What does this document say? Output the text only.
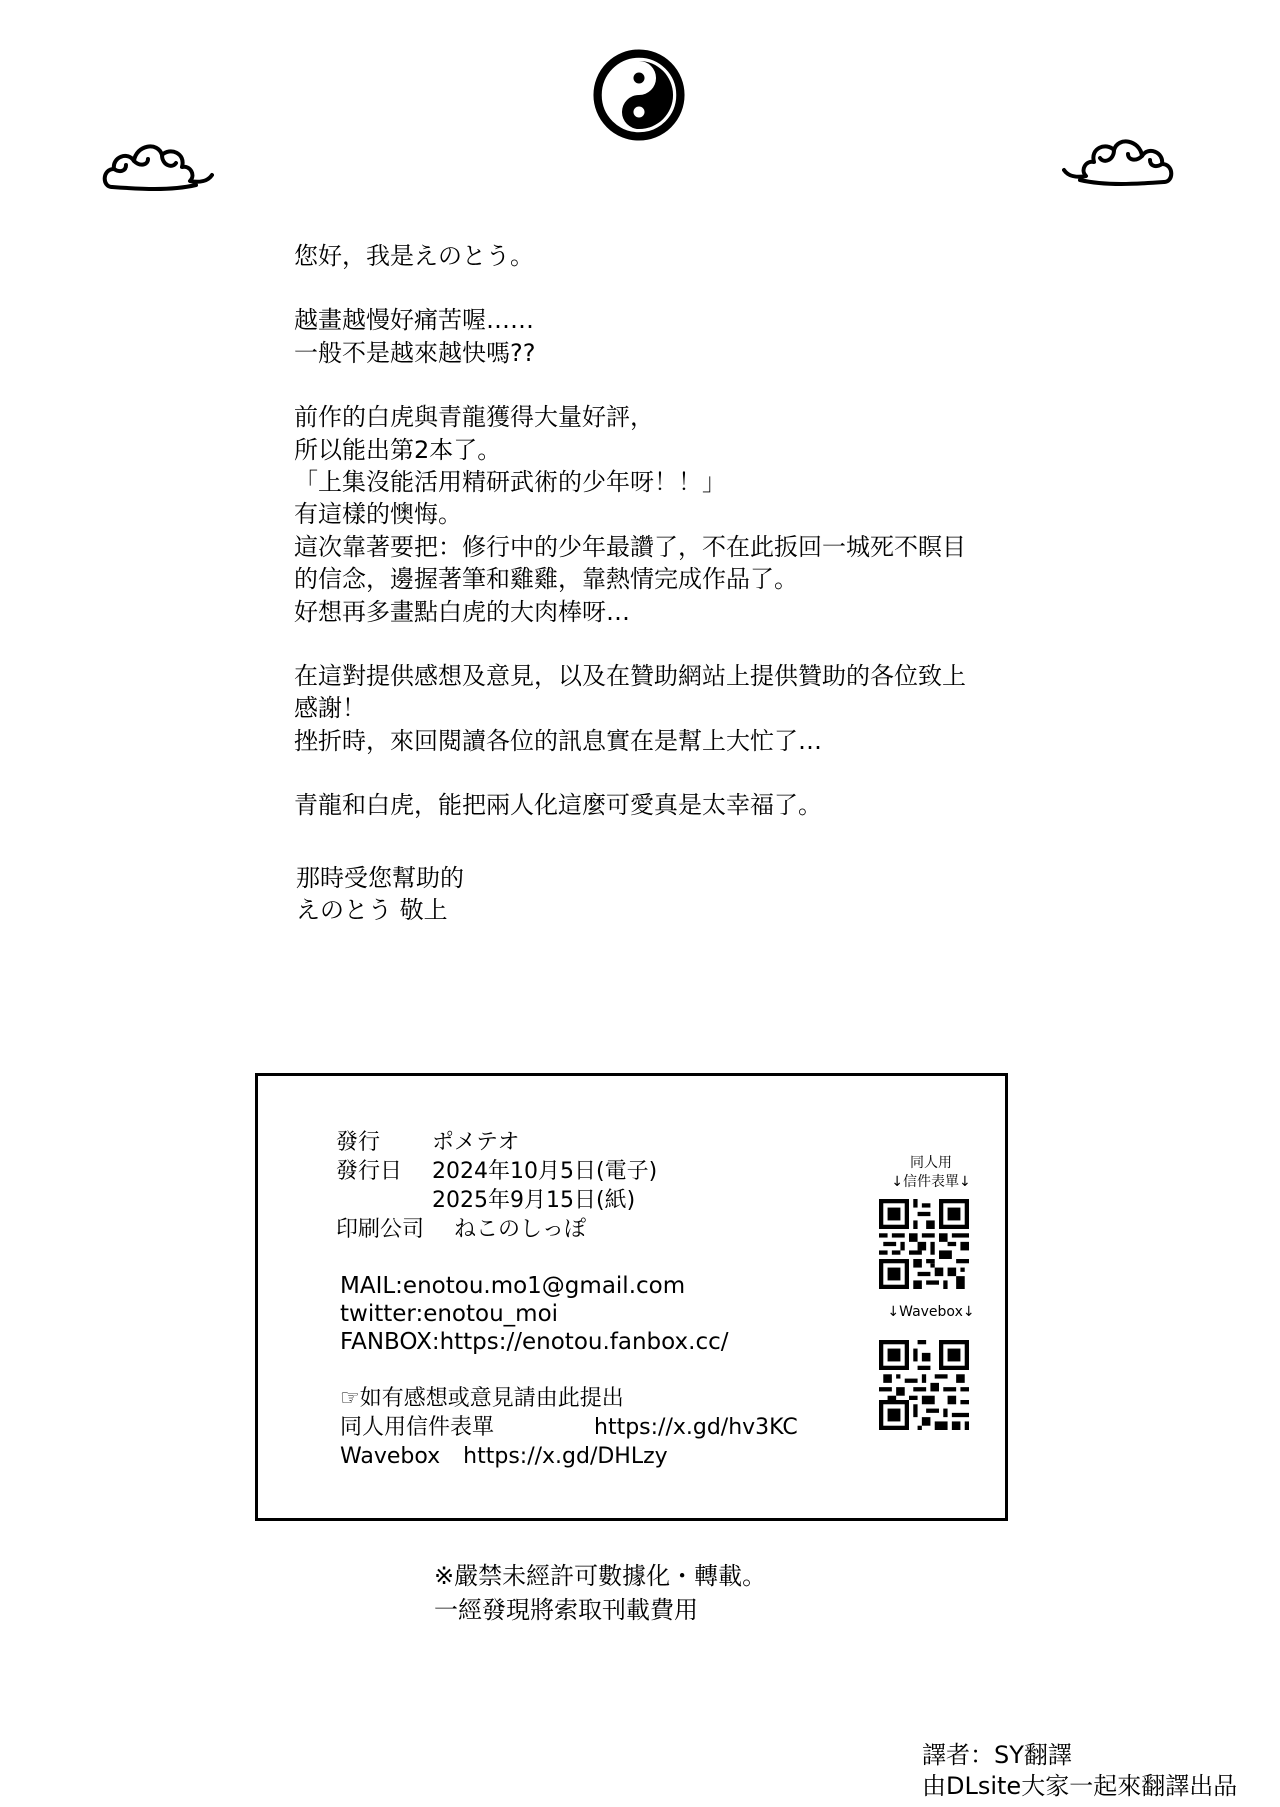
您好，我是えのとう。

越畫越慢好痛苦喔……

一般不是越來越快嗎??

前作的白虎與青龍獲得大量好評，

所以能出第2本了。

「上集沒能活用精研武術的少年呀！！」

有這樣的懊悔。

這次靠著要把：修行中的少年最讚了，不在此扳回一城死不瞑目

的信念，邊握著筆和雞雞，靠熱情完成作品了。

好想再多畫點白虎的大肉棒呀…

在這對提供感想及意見，以及在贊助網站上提供贊助的各位致上

感謝！

挫折時，來回閱讀各位的訊息實在是幫上大忙了…

青龍和白虎，能把兩人化這麼可愛真是太幸福了。

那時受您幫助的
えのとう 敬上
發行 ポメテオ
發行日 2024年10月5日(電子)
2025年9月15日(紙)
印刷公司 ねこのしっぽ
MAIL:enotou.mo1@gmail.com
twitter:enotou_moi
FANBOX:https://enotou.fanbox.cc/
☞如有感想或意見請由此提出
同人用信件表單	https://x.gd/hv3KC
Wavebox https://x.gd/DHLzy
同人用
↓信件表單↓
↓Wavebox↓
※嚴禁未經許可數據化・轉載。
一經發現將索取刊載費用
譯者：SY翻譯
由DLsite大家一起來翻譯出品
